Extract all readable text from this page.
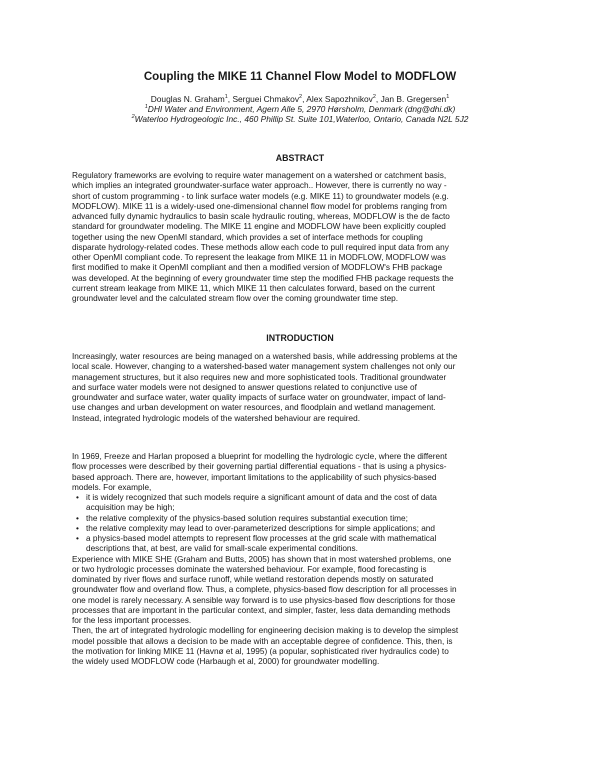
Coupling the MIKE 11 Channel Flow Model to MODFLOW
Douglas N. Graham$^1$, Serguei Chmakov$^2$, Alex Sapozhnikov$^2$, Jan B. Gregersen$^1$
$^1$DHI Water and Environment, Agern Alle 5, 2970 Hørsholm, Denmark (dng@dhi.dk)
$^2$Waterloo Hydrogeologic Inc., 460 Phillip St. Suite 101,Waterloo, Ontario, Canada N2L 5J2
ABSTRACT
Regulatory frameworks are evolving to require water management on a watershed or catchment basis,
which implies an integrated groundwater-surface water approach.. However, there is currently no way -
short of custom programming - to link surface water models (e.g. MIKE 11) to groundwater models (e.g.
MODFLOW). MIKE 11 is a widely-used one-dimensional channel flow model for problems ranging from
advanced fully dynamic hydraulics to basin scale hydraulic routing, whereas, MODFLOW is the de facto
standard for groundwater modeling. The MIKE 11 engine and MODFLOW have been explicitly coupled
together using the new OpenMI standard, which provides a set of interface methods for coupling
disparate hydrology-related codes. These methods allow each code to pull required input data from any
other OpenMI compliant code. To represent the leakage from MIKE 11 in MODFLOW, MODFLOW was
first modified to make it OpenMI compliant and then a modified version of MODFLOW's FHB package
was developed. At the beginning of every groundwater time step the modified FHB package requests the
current stream leakage from MIKE 11, which MIKE 11 then calculates forward, based on the current
groundwater level and the calculated stream flow over the coming groundwater time step.
INTRODUCTION
Increasingly, water resources are being managed on a watershed basis, while addressing problems at the
local scale. However, changing to a watershed-based water management system challenges not only our
management structures, but it also requires new and more sophisticated tools. Traditional groundwater
and surface water models were not designed to answer questions related to conjunctive use of
groundwater and surface water, water quality impacts of surface water on groundwater, impact of land-
use changes and urban development on water resources, and floodplain and wetland management.
Instead, integrated hydrologic models of the watershed behaviour are required.
In 1969, Freeze and Harlan proposed a blueprint for modelling the hydrologic cycle, where the different
flow processes were described by their governing partial differential equations - that is using a physics-
based approach. There are, however, important limitations to the applicability of such physics-based
models. For example,
• it is widely recognized that such models require a significant amount of data and the cost of data
acquisition may be high;
• the relative complexity of the physics-based solution requires substantial execution time;
• the relative complexity may lead to over-parameterized descriptions for simple applications; and
• a physics-based model attempts to represent flow processes at the grid scale with mathematical
descriptions that, at best, are valid for small-scale experimental conditions.
Experience with MIKE SHE (Graham and Butts, 2005) has shown that in most watershed problems, one
or two hydrologic processes dominate the watershed behaviour. For example, flood forecasting is
dominated by river flows and surface runoff, while wetland restoration depends mostly on saturated
groundwater flow and overland flow. Thus, a complete, physics-based flow description for all processes in
one model is rarely necessary. A sensible way forward is to use physics-based flow descriptions for those
processes that are important in the particular context, and simpler, faster, less data demanding methods
for the less important processes.
Then, the art of integrated hydrologic modelling for engineering decision making is to develop the simplest
model possible that allows a decision to be made with an acceptable degree of confidence. This, then, is
the motivation for linking MIKE 11 (Havnø et al, 1995) (a popular, sophisticated river hydraulics code) to
the widely used MODFLOW code (Harbaugh et al, 2000) for groundwater modelling.
